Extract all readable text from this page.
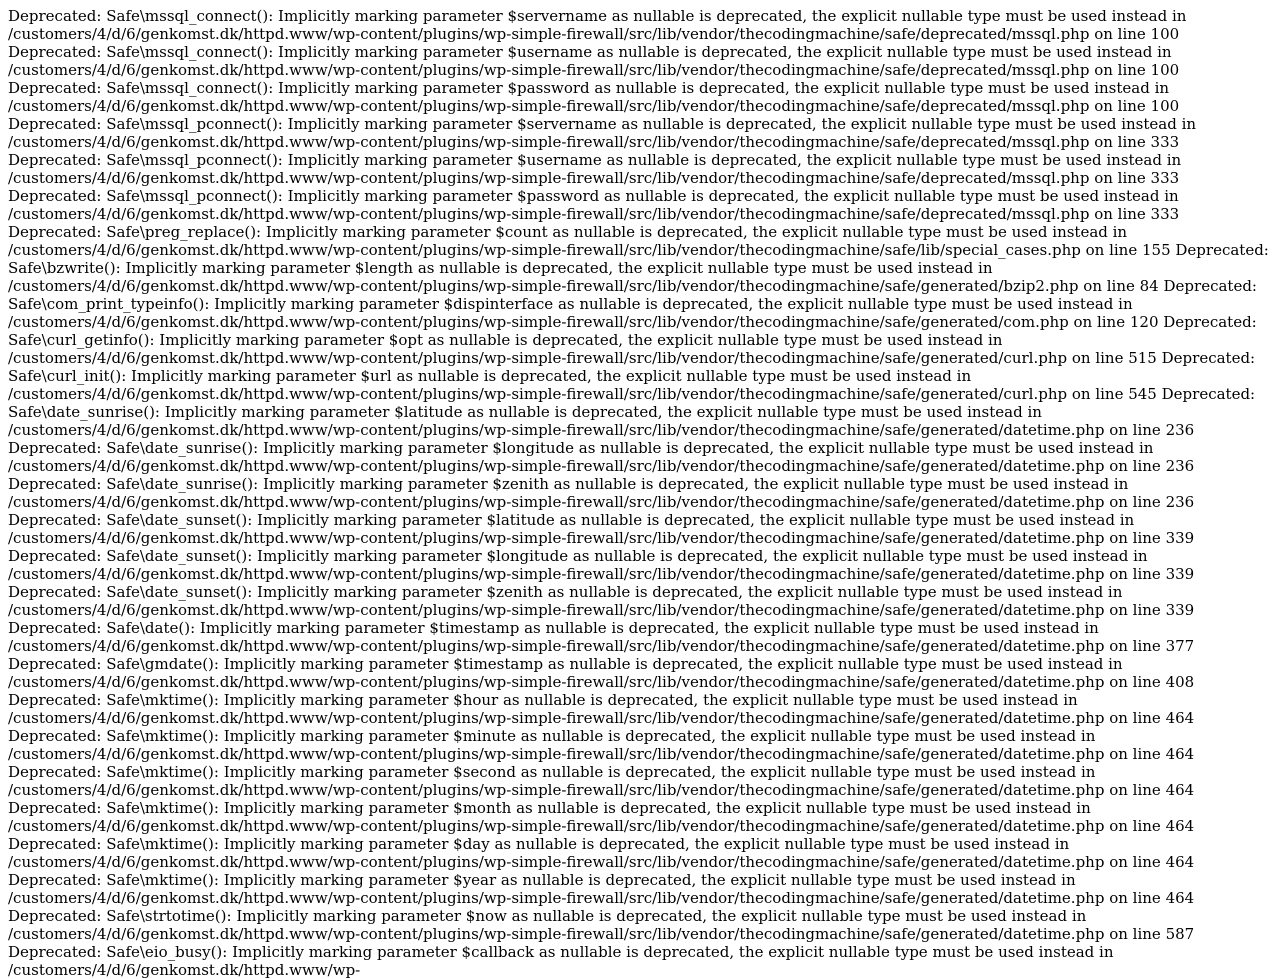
Deprecated: Safe\mssql_connect(): Implicitly marking parameter $servername as nullable is deprecated, the explicit nullable type must be used instead in /customers/4/d/6/genkomst.dk/httpd.www/wp-content/plugins/wp-simple-firewall/src/lib/vendor/thecodingmachine/safe/deprecated/mssql.php on line 100 Deprecated: Safe\mssql_connect(): Implicitly marking parameter $username as nullable is deprecated, the explicit nullable type must be used instead in /customers/4/d/6/genkomst.dk/httpd.www/wp-content/plugins/wp-simple-firewall/src/lib/vendor/thecodingmachine/safe/deprecated/mssql.php on line 100 Deprecated: Safe\mssql_connect(): Implicitly marking parameter $password as nullable is deprecated, the explicit nullable type must be used instead in /customers/4/d/6/genkomst.dk/httpd.www/wp-content/plugins/wp-simple-firewall/src/lib/vendor/thecodingmachine/safe/deprecated/mssql.php on line 100 Deprecated: Safe\mssql_pconnect(): Implicitly marking parameter $servername as nullable is deprecated, the explicit nullable type must be used instead in /customers/4/d/6/genkomst.dk/httpd.www/wp-content/plugins/wp-simple-firewall/src/lib/vendor/thecodingmachine/safe/deprecated/mssql.php on line 333 Deprecated: Safe\mssql_pconnect(): Implicitly marking parameter $username as nullable is deprecated, the explicit nullable type must be used instead in /customers/4/d/6/genkomst.dk/httpd.www/wp-content/plugins/wp-simple-firewall/src/lib/vendor/thecodingmachine/safe/deprecated/mssql.php on line 333 Deprecated: Safe\mssql_pconnect(): Implicitly marking parameter $password as nullable is deprecated, the explicit nullable type must be used instead in /customers/4/d/6/genkomst.dk/httpd.www/wp-content/plugins/wp-simple-firewall/src/lib/vendor/thecodingmachine/safe/deprecated/mssql.php on line 333 Deprecated: Safe\preg_replace(): Implicitly marking parameter $count as nullable is deprecated, the explicit nullable type must be used instead in /customers/4/d/6/genkomst.dk/httpd.www/wp-content/plugins/wp-simple-firewall/src/lib/vendor/thecodingmachine/safe/lib/special_cases.php on line 155 Deprecated: Safe\bzwrite(): Implicitly marking parameter $length as nullable is deprecated, the explicit nullable type must be used instead in /customers/4/d/6/genkomst.dk/httpd.www/wp-content/plugins/wp-simple-firewall/src/lib/vendor/thecodingmachine/safe/generated/bzip2.php on line 84 Deprecated: Safe\com_print_typeinfo(): Implicitly marking parameter $dispinterface as nullable is deprecated, the explicit nullable type must be used instead in /customers/4/d/6/genkomst.dk/httpd.www/wp-content/plugins/wp-simple-firewall/src/lib/vendor/thecodingmachine/safe/generated/com.php on line 120 Deprecated: Safe\curl_getinfo(): Implicitly marking parameter $opt as nullable is deprecated, the explicit nullable type must be used instead in /customers/4/d/6/genkomst.dk/httpd.www/wp-content/plugins/wp-simple-firewall/src/lib/vendor/thecodingmachine/safe/generated/curl.php on line 515 Deprecated: Safe\curl_init(): Implicitly marking parameter $url as nullable is deprecated, the explicit nullable type must be used instead in /customers/4/d/6/genkomst.dk/httpd.www/wp-content/plugins/wp-simple-firewall/src/lib/vendor/thecodingmachine/safe/generated/curl.php on line 545 Deprecated: Safe\date_sunrise(): Implicitly marking parameter $latitude as nullable is deprecated, the explicit nullable type must be used instead in /customers/4/d/6/genkomst.dk/httpd.www/wp-content/plugins/wp-simple-firewall/src/lib/vendor/thecodingmachine/safe/generated/datetime.php on line 236 Deprecated: Safe\date_sunrise(): Implicitly marking parameter $longitude as nullable is deprecated, the explicit nullable type must be used instead in /customers/4/d/6/genkomst.dk/httpd.www/wp-content/plugins/wp-simple-firewall/src/lib/vendor/thecodingmachine/safe/generated/datetime.php on line 236 Deprecated: Safe\date_sunrise(): Implicitly marking parameter $zenith as nullable is deprecated, the explicit nullable type must be used instead in /customers/4/d/6/genkomst.dk/httpd.www/wp-content/plugins/wp-simple-firewall/src/lib/vendor/thecodingmachine/safe/generated/datetime.php on line 236 Deprecated: Safe\date_sunset(): Implicitly marking parameter $latitude as nullable is deprecated, the explicit nullable type must be used instead in /customers/4/d/6/genkomst.dk/httpd.www/wp-content/plugins/wp-simple-firewall/src/lib/vendor/thecodingmachine/safe/generated/datetime.php on line 339 Deprecated: Safe\date_sunset(): Implicitly marking parameter $longitude as nullable is deprecated, the explicit nullable type must be used instead in /customers/4/d/6/genkomst.dk/httpd.www/wp-content/plugins/wp-simple-firewall/src/lib/vendor/thecodingmachine/safe/generated/datetime.php on line 339 Deprecated: Safe\date_sunset(): Implicitly marking parameter $zenith as nullable is deprecated, the explicit nullable type must be used instead in /customers/4/d/6/genkomst.dk/httpd.www/wp-content/plugins/wp-simple-firewall/src/lib/vendor/thecodingmachine/safe/generated/datetime.php on line 339 Deprecated: Safe\date(): Implicitly marking parameter $timestamp as nullable is deprecated, the explicit nullable type must be used instead in /customers/4/d/6/genkomst.dk/httpd.www/wp-content/plugins/wp-simple-firewall/src/lib/vendor/thecodingmachine/safe/generated/datetime.php on line 377 Deprecated: Safe\gmdate(): Implicitly marking parameter $timestamp as nullable is deprecated, the explicit nullable type must be used instead in /customers/4/d/6/genkomst.dk/httpd.www/wp-content/plugins/wp-simple-firewall/src/lib/vendor/thecodingmachine/safe/generated/datetime.php on line 408 Deprecated: Safe\mktime(): Implicitly marking parameter $hour as nullable is deprecated, the explicit nullable type must be used instead in /customers/4/d/6/genkomst.dk/httpd.www/wp-content/plugins/wp-simple-firewall/src/lib/vendor/thecodingmachine/safe/generated/datetime.php on line 464 Deprecated: Safe\mktime(): Implicitly marking parameter $minute as nullable is deprecated, the explicit nullable type must be used instead in /customers/4/d/6/genkomst.dk/httpd.www/wp-content/plugins/wp-simple-firewall/src/lib/vendor/thecodingmachine/safe/generated/datetime.php on line 464 Deprecated: Safe\mktime(): Implicitly marking parameter $second as nullable is deprecated, the explicit nullable type must be used instead in /customers/4/d/6/genkomst.dk/httpd.www/wp-content/plugins/wp-simple-firewall/src/lib/vendor/thecodingmachine/safe/generated/datetime.php on line 464 Deprecated: Safe\mktime(): Implicitly marking parameter $month as nullable is deprecated, the explicit nullable type must be used instead in /customers/4/d/6/genkomst.dk/httpd.www/wp-content/plugins/wp-simple-firewall/src/lib/vendor/thecodingmachine/safe/generated/datetime.php on line 464 Deprecated: Safe\mktime(): Implicitly marking parameter $day as nullable is deprecated, the explicit nullable type must be used instead in /customers/4/d/6/genkomst.dk/httpd.www/wp-content/plugins/wp-simple-firewall/src/lib/vendor/thecodingmachine/safe/generated/datetime.php on line 464 Deprecated: Safe\mktime(): Implicitly marking parameter $year as nullable is deprecated, the explicit nullable type must be used instead in /customers/4/d/6/genkomst.dk/httpd.www/wp-content/plugins/wp-simple-firewall/src/lib/vendor/thecodingmachine/safe/generated/datetime.php on line 464 Deprecated: Safe\strtotime(): Implicitly marking parameter $now as nullable is deprecated, the explicit nullable type must be used instead in /customers/4/d/6/genkomst.dk/httpd.www/wp-content/plugins/wp-simple-firewall/src/lib/vendor/thecodingmachine/safe/generated/datetime.php on line 587 Deprecated: Safe\eio_busy(): Implicitly marking parameter $callback as nullable is deprecated, the explicit nullable type must be used instead in /customers/4/d/6/genkomst.dk/httpd.www/wp-
